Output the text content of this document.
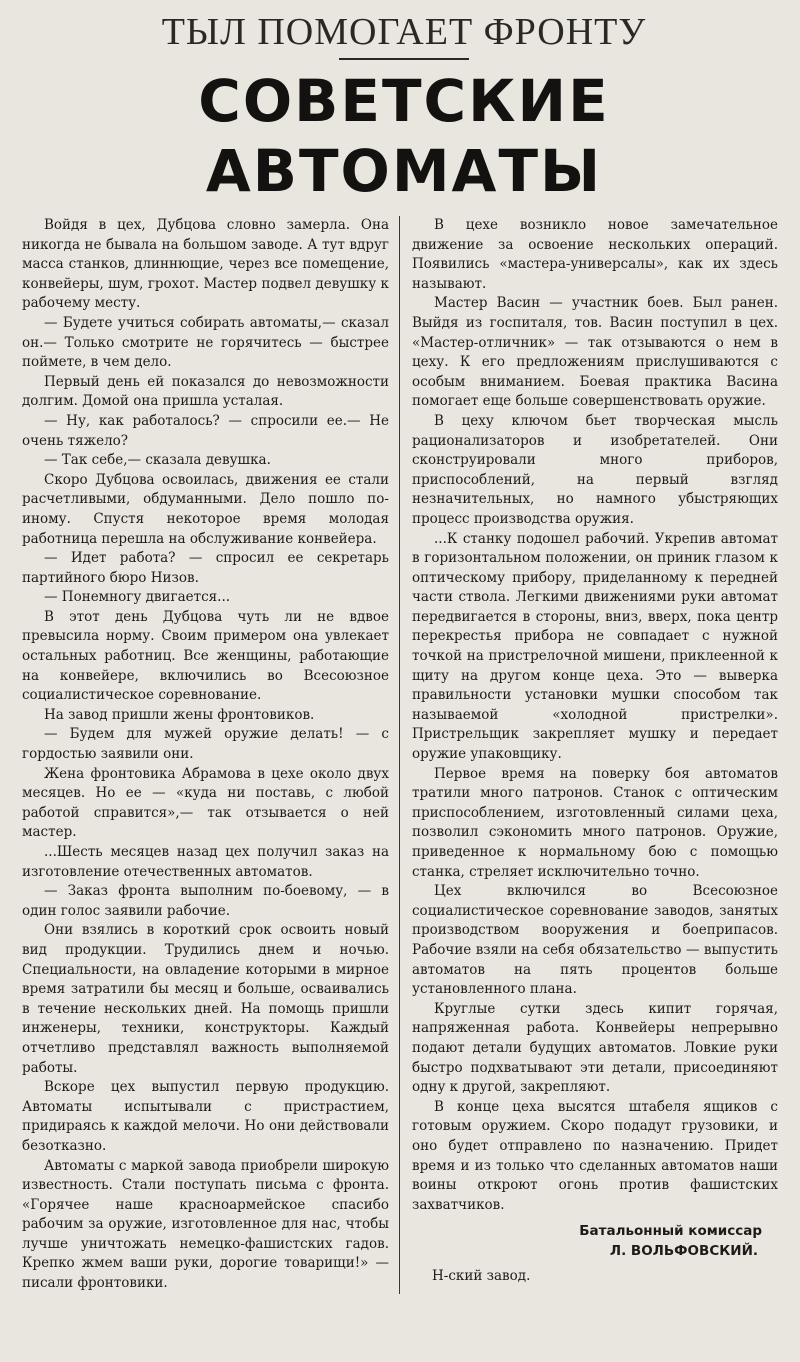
ТЫЛ ПОМОГАЕТ ФРОНТУ
СОВЕТСКИЕ АВТОМАТЫ

Войдя в цех, Дубцова словно замерла. Она никогда не бывала на большом заводе. А тут вдруг масса станков, длиннющие, через все помещение, конвейеры, шум, грохот. Мастер подвел девушку к рабочему месту.

— Будете учиться собирать автоматы,— сказал он.— Только смотрите не горячитесь — быстрее поймете, в чем дело.

Первый день ей показался до невозможности долгим. Домой она пришла усталая.

— Ну, как работалось? — спросили ее.— Не очень тяжело?

— Так себе,— сказала девушка.

Скоро Дубцова освоилась, движения ее стали расчетливыми, обдуманными. Дело пошло по-иному. Спустя некоторое время молодая работница перешла на обслуживание конвейера.

— Идет работа? — спросил ее секретарь партийного бюро Низов.

— Понемногу двигается...

В этот день Дубцова чуть ли не вдвое превысила норму. Своим примером она увлекает остальных работниц. Все женщины, работающие на конвейере, включились во Всесоюзное социалистическое соревнование.

На завод пришли жены фронтовиков.

— Будем для мужей оружие делать! — с гордостью заявили они.

Жена фронтовика Абрамова в цехе около двух месяцев. Но ее — «куда ни поставь, с любой работой справится»,— так отзывается о ней мастер.

...Шесть месяцев назад цех получил заказ на изготовление отечественных автоматов.

— Заказ фронта выполним по-боевому, — в один голос заявили рабочие.

Они взялись в короткий срок освоить новый вид продукции. Трудились днем и ночью. Специальности, на овладение которыми в мирное время затратили бы месяц и больше, осваивались в течение нескольких дней. На помощь пришли инженеры, техники, конструкторы. Каждый отчетливо представлял важность выполняемой работы.

Вскоре цех выпустил первую продукцию. Автоматы испытывали с пристрастием, придираясь к каждой мелочи. Но они действовали безотказно.

Автоматы с маркой завода приобрели широкую известность. Стали поступать письма с фронта. «Горячее наше красноармейское спасибо рабочим за оружие, изготовленное для нас, чтобы лучше уничтожать немецко-фашистских гадов. Крепко жмем ваши руки, дорогие товарищи!» — писали фронтовики.

В цехе возникло новое замечательное движение за освоение нескольких операций. Появились «мастера-универсалы», как их здесь называют.

Мастер Васин — участник боев. Был ранен. Выйдя из госпиталя, тов. Васин поступил в цех. «Мастер-отличник» — так отзываются о нем в цеху. К его предложениям прислушиваются с особым вниманием. Боевая практика Васина помогает еще больше совершенствовать оружие.

В цеху ключом бьет творческая мысль рационализаторов и изобретателей. Они сконструировали много приборов, приспособлений, на первый взгляд незначительных, но намного убыстряющих процесс производства оружия.

...К станку подошел рабочий. Укрепив автомат в горизонтальном положении, он приник глазом к оптическому прибору, приделанному к передней части ствола. Легкими движениями руки автомат передвигается в стороны, вниз, вверх, пока центр перекрестья прибора не совпадает с нужной точкой на пристрелочной мишени, приклеенной к щиту на другом конце цеха. Это — выверка правильности установки мушки способом так называемой «холодной пристрелки». Пристрельщик закрепляет мушку и передает оружие упаковщику.

Первое время на поверку боя автоматов тратили много патронов. Станок с оптическим приспособлением, изготовленный силами цеха, позволил сэкономить много патронов. Оружие, приведенное к нормальному бою с помощью станка, стреляет исключительно точно.

Цех включился во Всесоюзное социалистическое соревнование заводов, занятых производством вооружения и боеприпасов. Рабочие взяли на себя обязательство — выпустить автоматов на пять процентов больше установленного плана.

Круглые сутки здесь кипит горячая, напряженная работа. Конвейеры непрерывно подают детали будущих автоматов. Ловкие руки быстро подхватывают эти детали, присоединяют одну к другой, закрепляют.

В конце цеха высятся штабеля ящиков с готовым оружием. Скоро подадут грузовики, и оно будет отправлено по назначению. Придет время и из только что сделанных автоматов наши воины откроют огонь против фашистских захватчиков.

Батальонный комиссар
Л. ВОЛЬФОВСКИЙ.
Н-ский завод.
